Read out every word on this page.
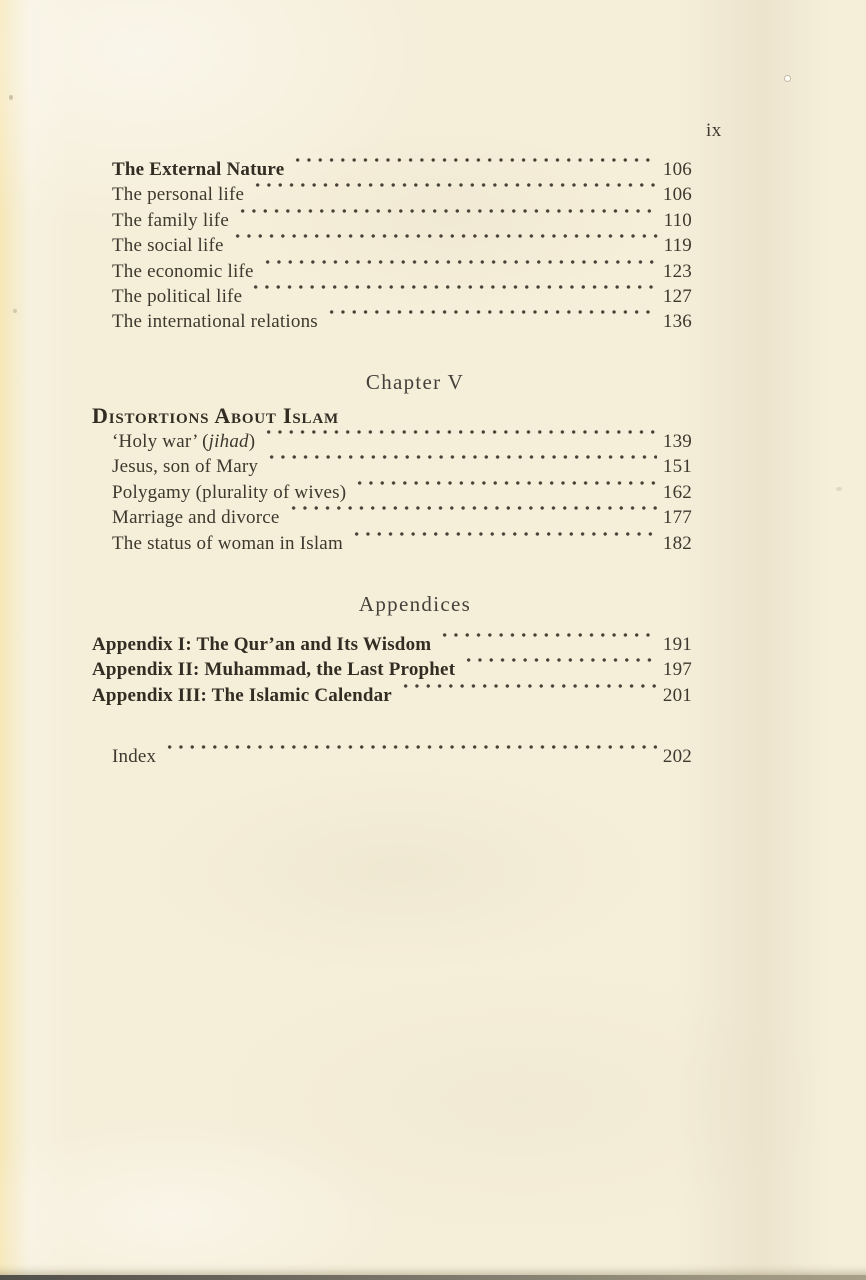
ix
The External Nature	106
The personal life	106
The family life	110
The social life	119
The economic life	123
The political life	127
The international relations	136
Chapter V
Distortions About Islam
‘Holy war’ (jihad)	139
Jesus, son of Mary	151
Polygamy (plurality of wives)	162
Marriage and divorce	177
The status of woman in Islam	182
Appendices
Appendix I: The Qur’an and Its Wisdom	191
Appendix II: Muhammad, the Last Prophet	197
Appendix III: The Islamic Calendar	201
Index	202
